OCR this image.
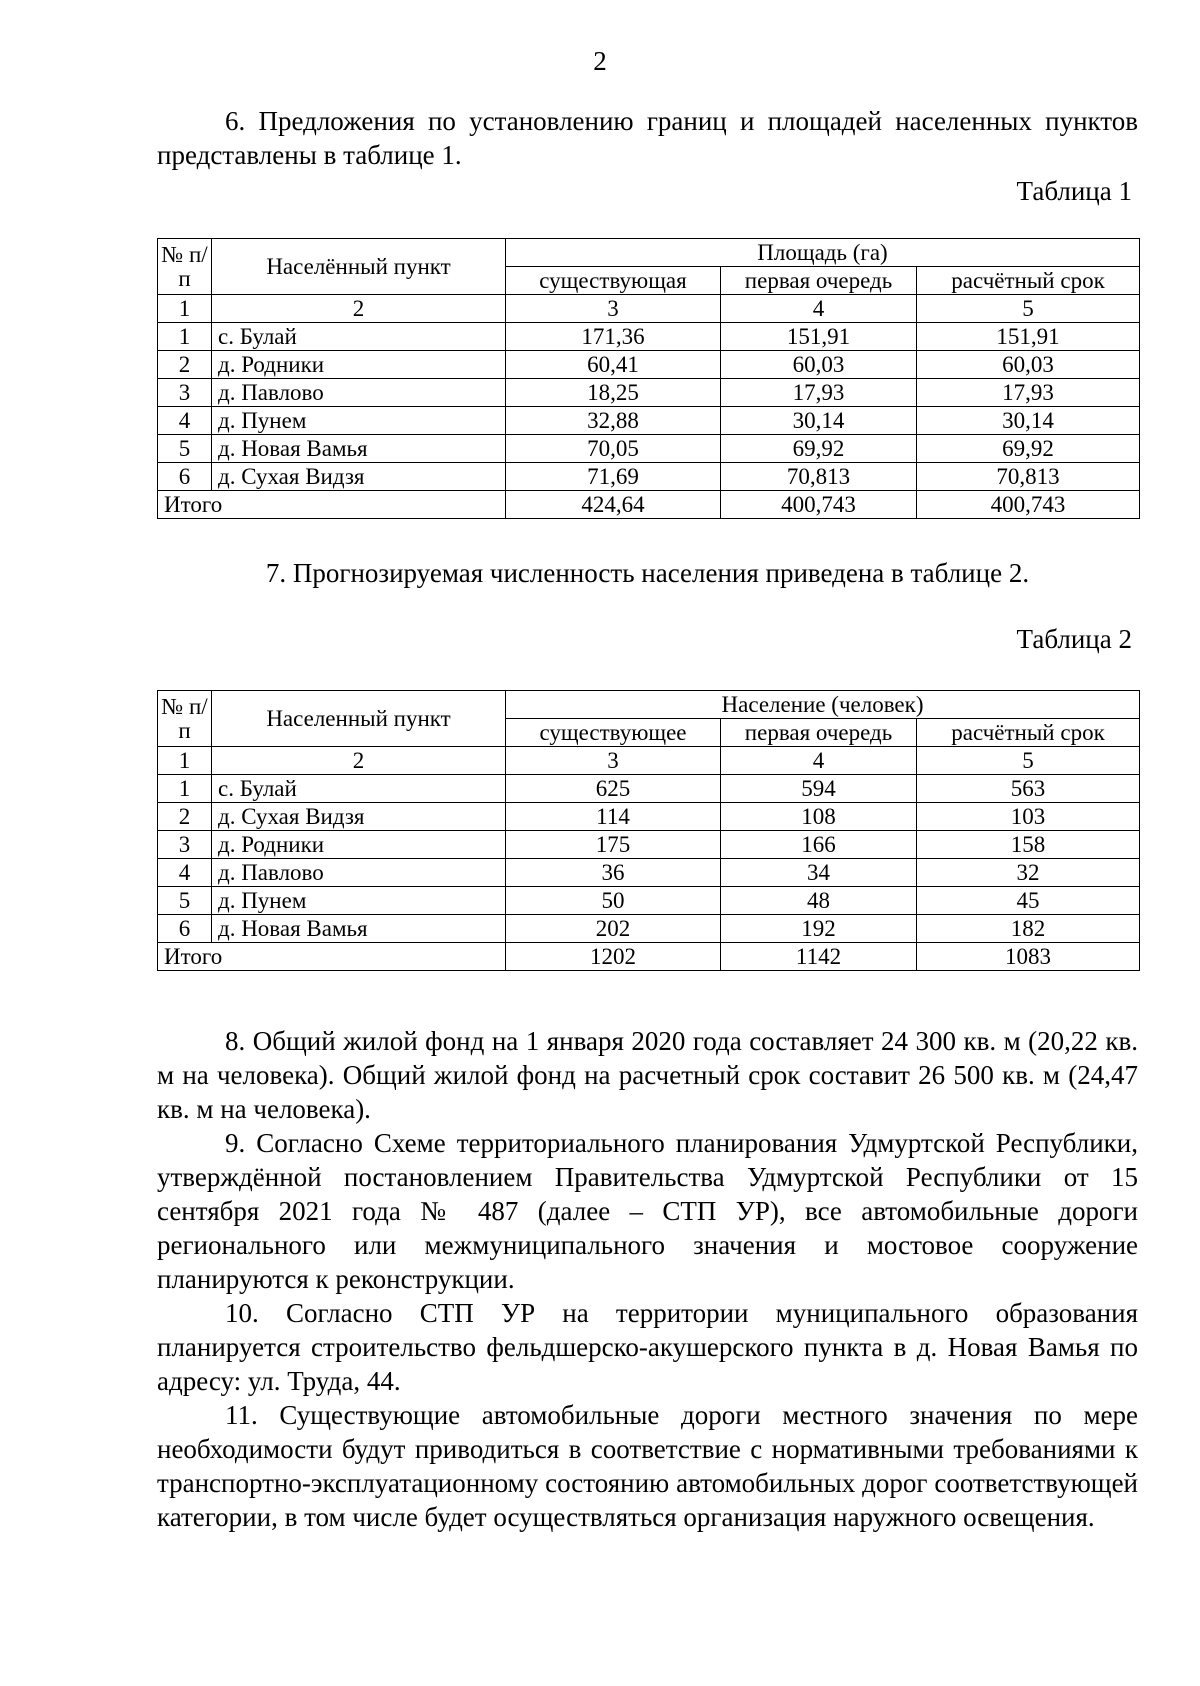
2

6. Предложения по установлению границ и площадей населенных пунктов представлены в таблице 1.

Таблица 1
№ п/п	Населённый пункт	Площадь (га)		
		существующая	первая очередь	расчётный срок
1	2	3	4	5
1	с. Булай	171,36	151,91	151,91
2	д. Родники	60,41	60,03	60,03
3	д. Павлово	18,25	17,93	17,93
4	д. Пунем	32,88	30,14	30,14
5	д. Новая Вамья	70,05	69,92	69,92
6	д. Сухая Видзя	71,69	70,813	70,813
Итого		424,64	400,743	400,743
7. Прогнозируемая численность населения приведена в таблице 2.
Таблица 2
№ п/п	Населенный пункт	Население (человек)		
		существующее	первая очередь	расчётный срок
1	2	3	4	5
1	с. Булай	625	594	563
2	д. Сухая Видзя	114	108	103
3	д. Родники	175	166	158
4	д. Павлово	36	34	32
5	д. Пунем	50	48	45
6	д. Новая Вамья	202	192	182
Итого		1202	1142	1083

8. Общий жилой фонд на 1 января 2020 года составляет 24 300 кв. м (20,22 кв. м на человека). Общий жилой фонд на расчетный срок составит 26 500 кв. м (24,47 кв. м на человека).

9. Согласно Схеме территориального планирования Удмуртской Республики, утверждённой постановлением Правительства Удмуртской Республики от 15 сентября 2021 года № 487 (далее – СТП УР), все автомобильные дороги регионального или межмуниципального значения и мостовое сооружение планируются к реконструкции.

10. Согласно СТП УР на территории муниципального образования планируется строительство фельдшерско-акушерского пункта в д. Новая Вамья по адресу: ул. Труда, 44.

11. Существующие автомобильные дороги местного значения по мере необходимости будут приводиться в соответствие с нормативными требованиями к транспортно-эксплуатационному состоянию автомобильных дорог соответствующей категории, в том числе будет осуществляться организация наружного освещения.
